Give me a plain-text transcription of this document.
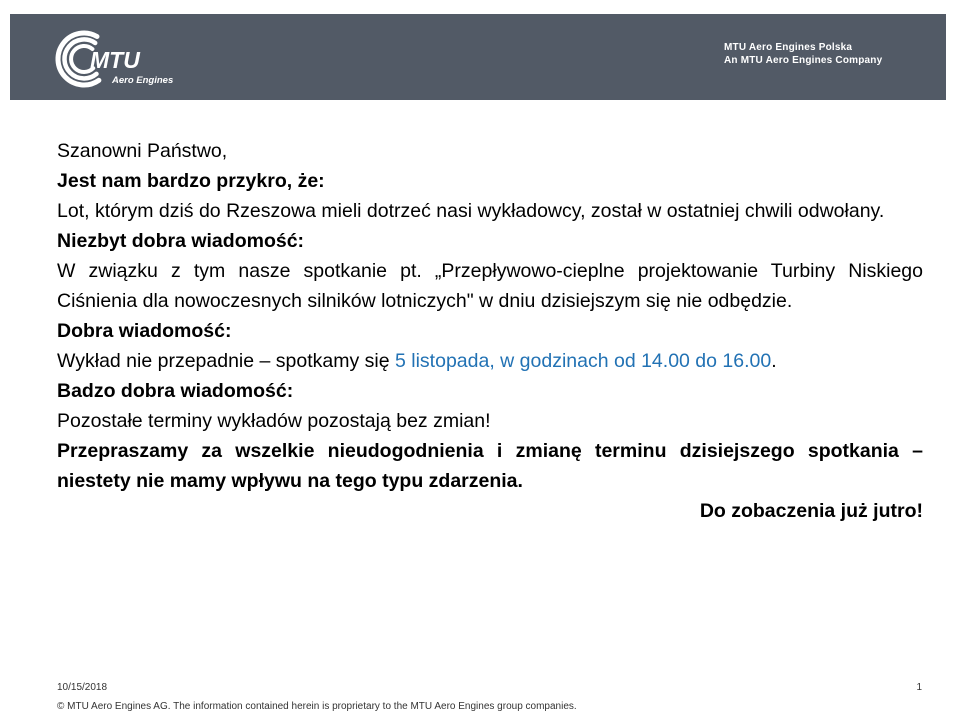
MTU
Aero Engines
MTU Aero Engines Polska
An MTU Aero Engines Company

Szanowni Państwo,

Jest nam bardzo przykro, że:

Lot, którym dziś do Rzeszowa mieli dotrzeć nasi wykładowcy, został w ostatniej chwili odwołany.

Niezbyt dobra wiadomość:

W związku z tym nasze spotkanie pt. „Przepływowo-cieplne projektowanie Turbiny Niskiego Ciśnienia dla nowoczesnych silników lotniczych" w dniu dzisiejszym się nie odbędzie.

Dobra wiadomość:

Wykład nie przepadnie – spotkamy się 5 listopada, w godzinach od 14.00 do 16.00.

Badzo dobra wiadomość:

Pozostałe terminy wykładów pozostają bez zmian!

Przepraszamy za wszelkie nieudogodnienia i zmianę terminu dzisiejszego spotkania – niestety nie mamy wpływu na tego typu zdarzenia.

Do zobaczenia już jutro!

10/15/2018	1
© MTU Aero Engines AG. The information contained herein is proprietary to the MTU Aero Engines group companies.
